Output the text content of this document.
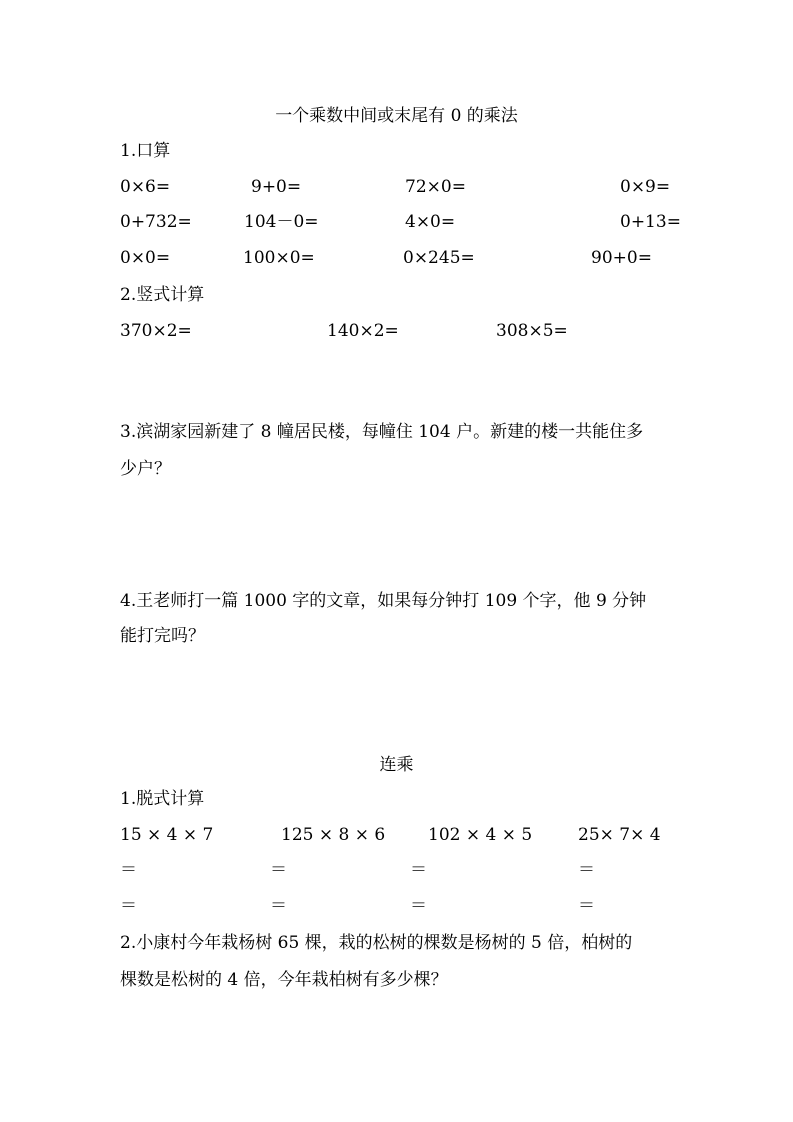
一个乘数中间或末尾有 0 的乘法
1.口算
0×6=	9+0=	72×0=	0×9=
0+732=	104－0=	4×0=	0+13=
0×0=	100×0=	0×245=	90+0=
2.竖式计算
370×2=	140×2=	308×5=
3.滨湖家园新建了 8 幢居民楼，每幢住 104 户。新建的楼一共能住多
少户？
4.王老师打一篇 1000 字的文章，如果每分钟打 109 个字，他 9 分钟
能打完吗？
连乘
1.脱式计算
15 × 4 × 7	125 × 8 × 6	102 × 4 × 5	25× 7× 4
＝	＝	＝	＝
＝	＝	＝	＝
2.小康村今年栽杨树 65 棵，栽的松树的棵数是杨树的 5 倍，柏树的
棵数是松树的 4 倍，今年栽柏树有多少棵？
